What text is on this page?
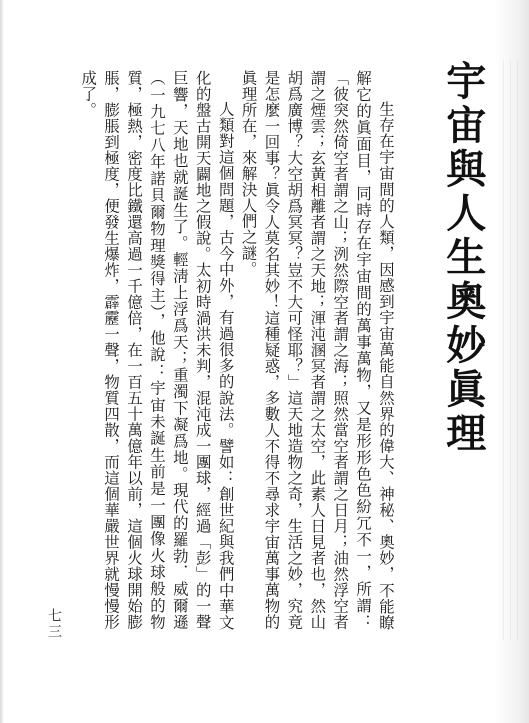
宇宙與人生奧妙眞理

生存在宇宙間的人類，因感到宇宙萬能自然界的偉大、神秘、奧妙，不能瞭解它的眞面目，同時存在宇宙間的萬事萬物，又是形形色色紛冗不一，所謂：「彼突然倚空者謂之山；洌然際空者謂之海；照然當空者謂之日月；油然浮空者謂之煙雲；玄黃相離者謂之天地；渾沌溷冥者謂之太空，此素人日見者也，然山胡爲廣博？大空胡爲冥冥？豈不大可怪耶？」這天地造物之奇，生活之妙，究竟是怎麼一回事？眞令人莫名其妙！這種疑惑，多數人不得不尋求宇宙萬事萬物的眞理所在，來解決人們之謎。

人類對這個問題，古今中外，有過很多的說法。譬如：創世紀與我們中華文化的盤古開天闢地之假說。太初時渦洪未判，混沌成一團球，經過「彭」的一聲巨響，天地也就誕生了。輕淸上浮爲天；重濁下凝爲地。現代的羅勃．威爾遜（一九七八年諾貝爾物理獎得主），他說：宇宙未誕生前是一團像火球般的物質，極熱，密度比鐵還高過一千億倍，在一百五十萬億年以前，這個火球開始膨脹，膨脹到極度，便發生爆炸，霹靂一聲，物質四散，而這個華嚴世界就慢慢形成了。

七三
